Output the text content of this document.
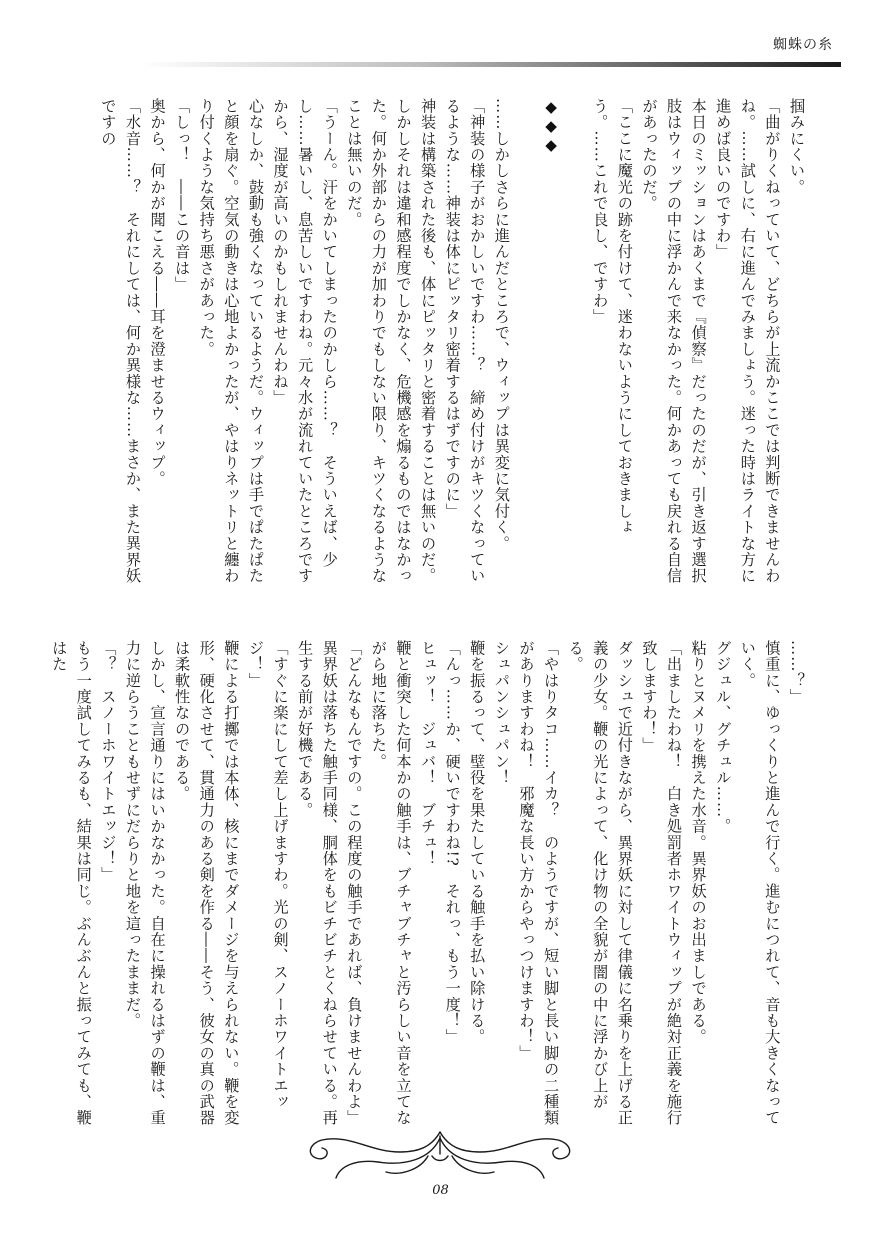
蜘蛛の糸

掴みにくい。

「曲がりくねっていて、どちらが上流かここでは判断できませんわね。……試しに、右に進んでみましょう。迷った時はライトな方に進めば良いのですわ」

本日のミッションはあくまで『偵察』だったのだが、引き返す選択肢はウィップの中に浮かんで来なかった。何かあっても戻れる自信があったのだ。

「ここに魔光の跡を付けて、迷わないようにしておきましょう。……これで良し、ですわ」

◆◆◆

……しかしさらに進んだところで、ウィップは異変に気付く。

「神装の様子がおかしいですわ……？　締め付けがキツくなっているような……神装は体にピッタリ密着するはずですのに」

神装は構築された後も、体にピッタリと密着することは無いのだ。しかしそれは違和感程度でしかなく、危機感を煽るものではなかった。何か外部からの力が加わりでもしない限り、キツくなるようなことは無いのだ。

「うーん。汗をかいてしまったのかしら……？　そういえば、少し……暑いし、息苦しいですわね。元々水が流れていたところですから、湿度が高いのかもしれませんわね」

心なしか、鼓動も強くなっているようだ。ウィップは手でぱたぱたと顔を扇ぐ。空気の動きは心地よかったが、やはりネットリと纏わり付くような気持ち悪さがあった。

「しっ！　――この音は」

奥から、何かが聞こえる――耳を澄ませるウィップ。

「水音……？　それにしては、何か異様な……まさか、また異界妖ですの

……？」

慎重に、ゆっくりと進んで行く。進むにつれて、音も大きくなっていく。

グジュル、グチュル……。

粘りとヌメリを携えた水音。異界妖のお出ましである。

「出ましたわね！　白き処罰者ホワイトウィップが絶対正義を施行致しますわ！」

ダッシュで近付きながら、異界妖に対して律儀に名乗りを上げる正義の少女。鞭の光によって、化け物の全貌が闇の中に浮かび上がる。

「やはりタコ……イカ？　のようですが、短い脚と長い脚の二種類がありますわね！　邪魔な長い方からやっつけますわ！」

シュパンシュパン！

鞭を振るって、壁役を果たしている触手を払い除ける。

「んっ……か、硬いですわね!?　それっ、もう一度！」

ヒュッ！　ジュバ！　ブチュ！

鞭と衝突した何本かの触手は、ブチャブチャと汚らしい音を立てながら地に落ちた。

「どんなもんですの。この程度の触手であれば、負けませんわよ」

異界妖は落ちた触手同様、胴体をもビチビチとくねらせている。再生する前が好機である。

「すぐに楽にして差し上げますわ。光の剣、スノーホワイトエッジ！」

鞭による打擲では本体、核にまでダメージを与えられない。鞭を変形、硬化させて、貫通力のある剣を作る――そう、彼女の真の武器は柔軟性なのである。

しかし、宣言通りにはいかなかった。自在に操れるはずの鞭は、重力に逆らうこともせずにだらりと地を這ったままだ。

「？　スノーホワイトエッジ！」

もう一度試してみるも、結果は同じ。ぶんぶんと振ってみても、鞭はた

08
